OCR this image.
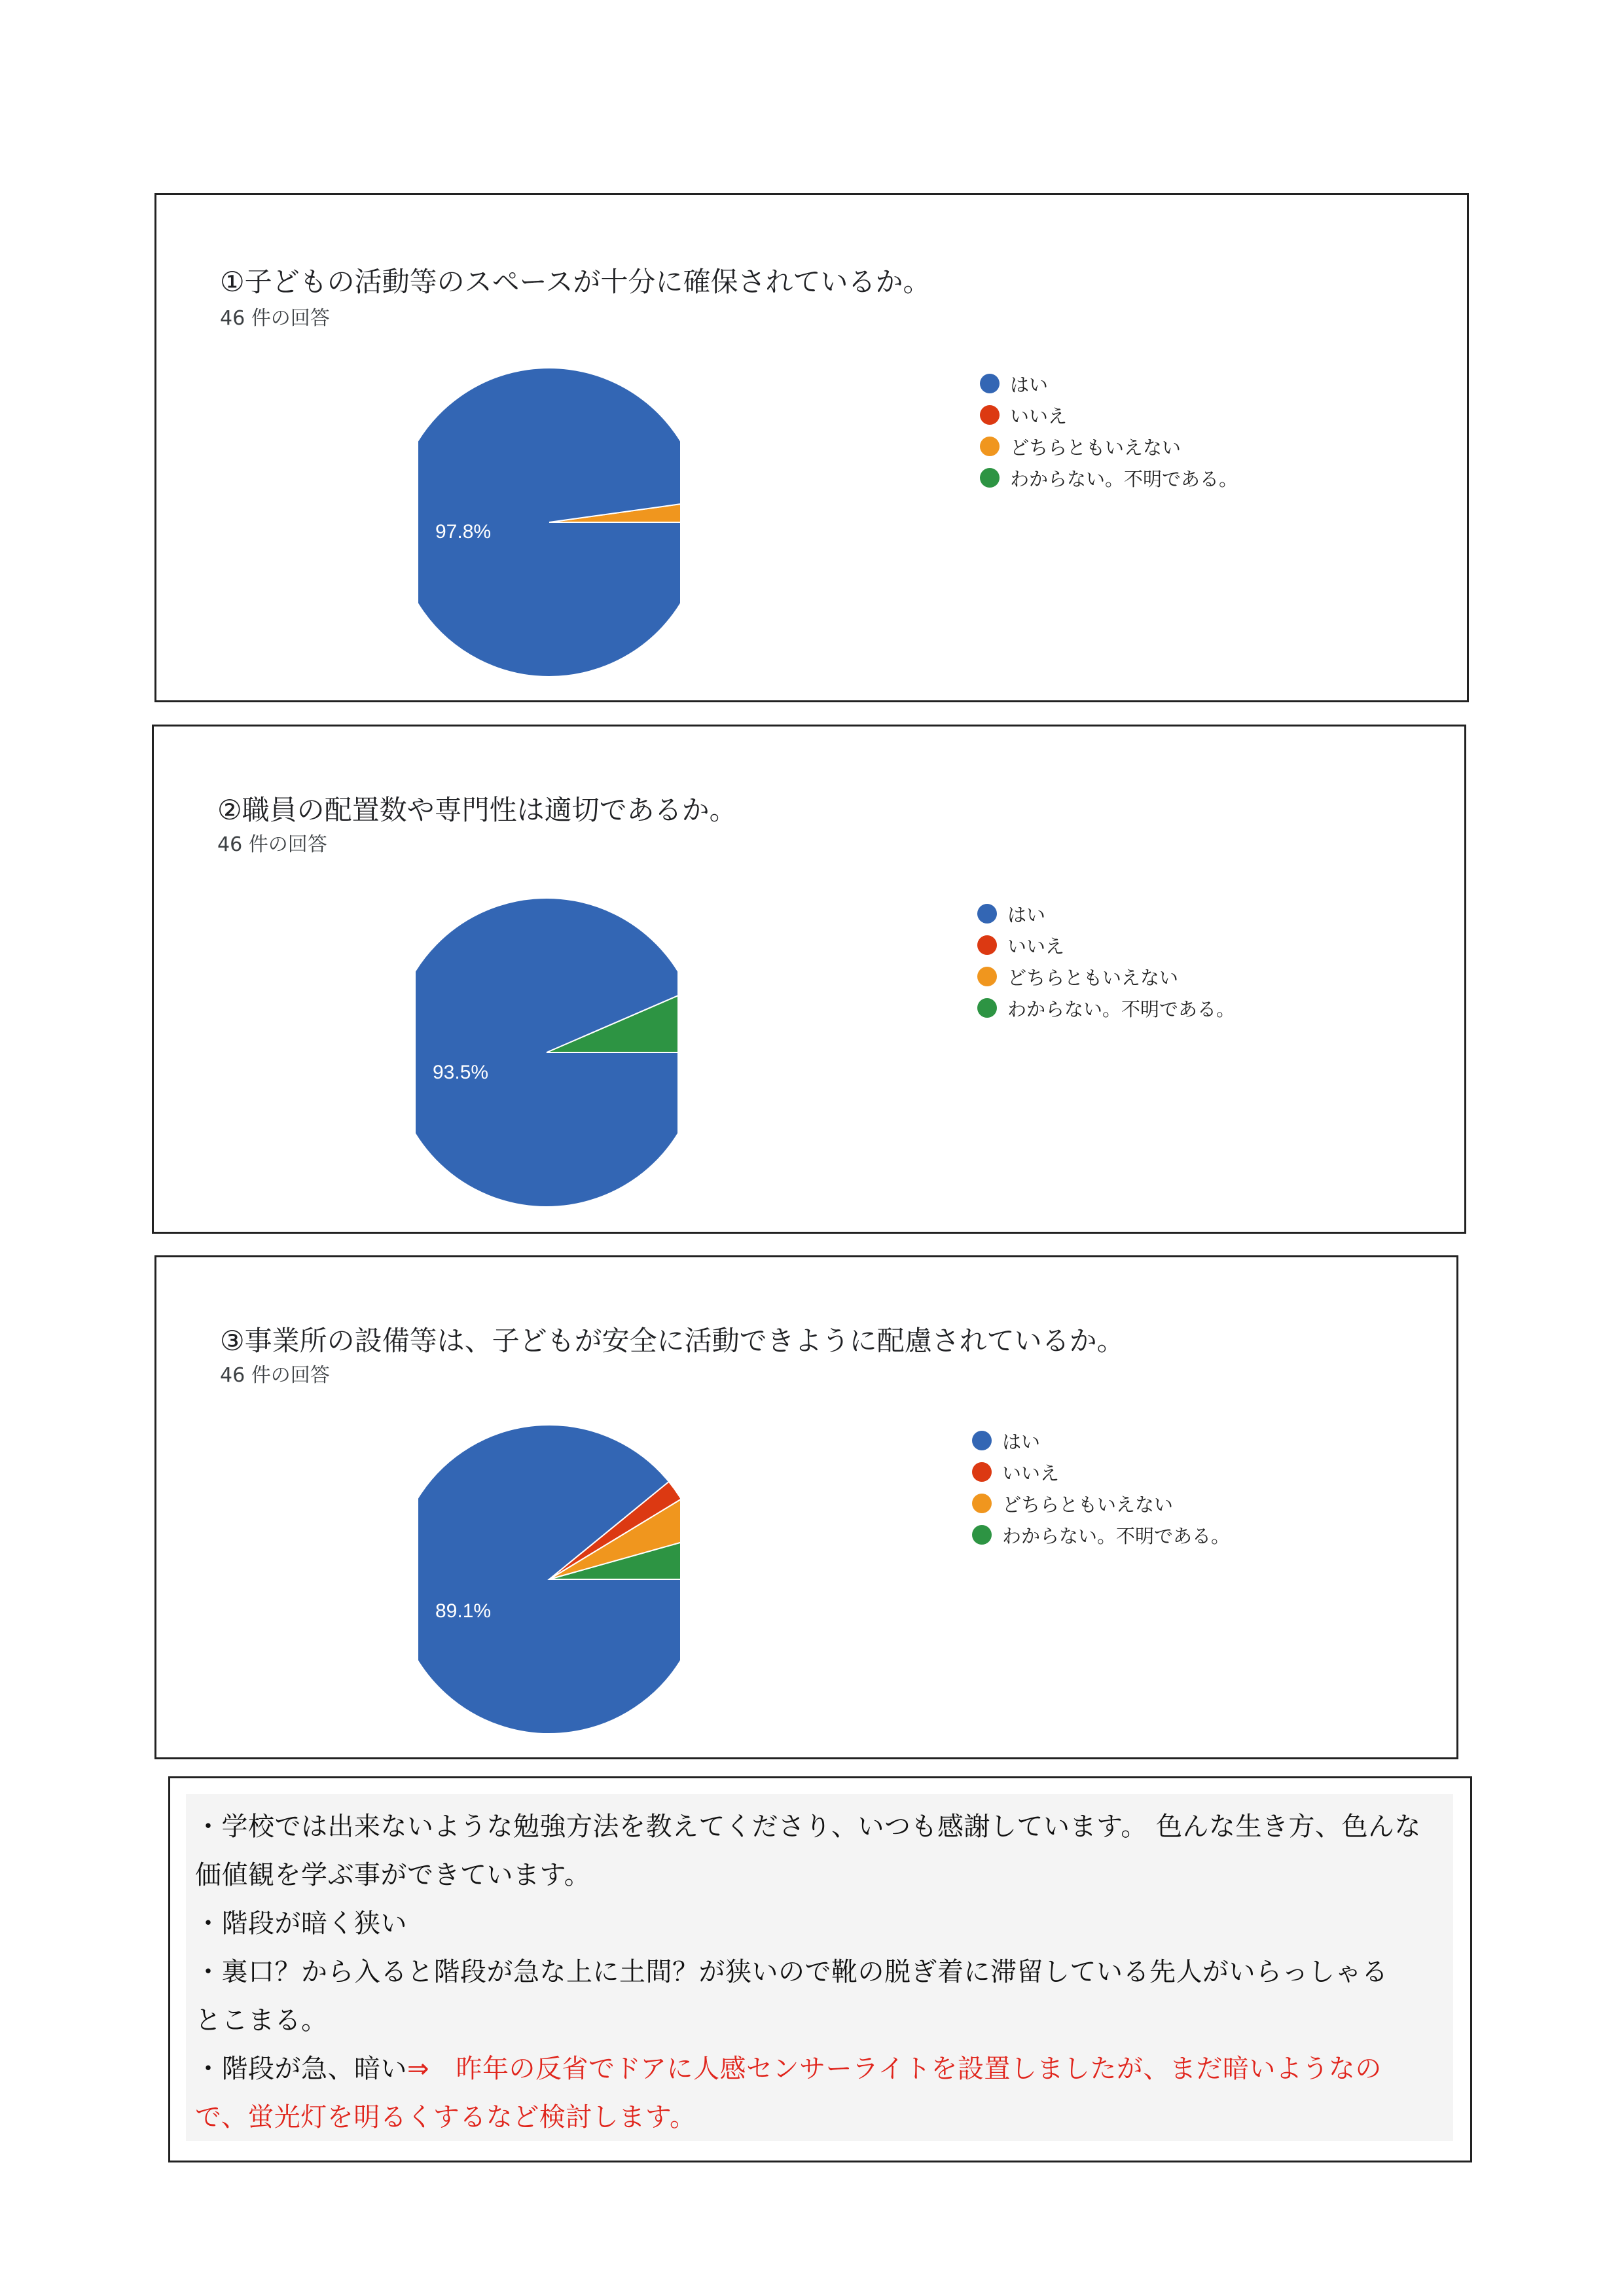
①子どもの活動等のスペースが十分に確保されているか。
46 件の回答
97.8%
はい
いいえ
どちらともいえない
わからない。不明である。
②職員の配置数や専門性は適切であるか。
46 件の回答
93.5%
はい
いいえ
どちらともいえない
わからない。不明である。
③事業所の設備等は、子どもが安全に活動できように配慮されているか。
46 件の回答
89.1%
はい
いいえ
どちらともいえない
わからない。不明である。
・学校では出来ないような勉強方法を教えてくださり、いつも感謝しています。 色んな生き方、色んな
価値観を学ぶ事ができています。
・階段が暗く狭い
・裏口？から入ると階段が急な上に土間？が狭いので靴の脱ぎ着に滞留している先人がいらっしゃる
とこまる。
・階段が急、暗い⇒　昨年の反省でドアに人感センサーライトを設置しましたが、まだ暗いようなの
で、蛍光灯を明るくするなど検討します。
